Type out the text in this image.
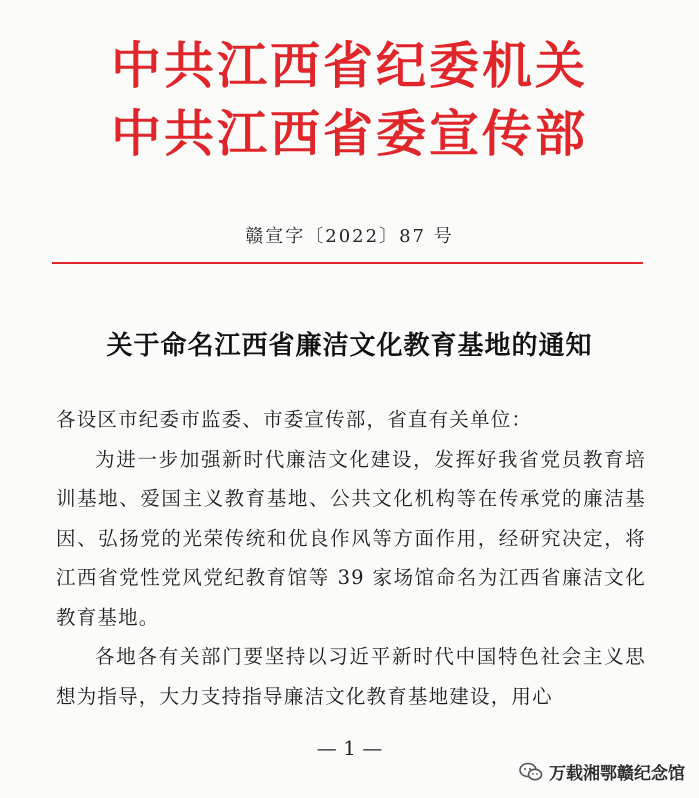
中共江西省纪委机关
中共江西省委宣传部
赣宣字〔2022〕87 号
关于命名江西省廉洁文化教育基地的通知

各设区市纪委市监委、市委宣传部，省直有关单位：

为进一步加强新时代廉洁文化建设，发挥好我省党员教育培训基地、爱国主义教育基地、公共文化机构等在传承党的廉洁基因、弘扬党的光荣传统和优良作风等方面作用，经研究决定，将江西省党性党风党纪教育馆等 39 家场馆命名为江西省廉洁文化教育基地。

各地各有关部门要坚持以习近平新时代中国特色社会主义思想为指导，大力支持指导廉洁文化教育基地建设，用心

— 1 —
万载湘鄂赣纪念馆
